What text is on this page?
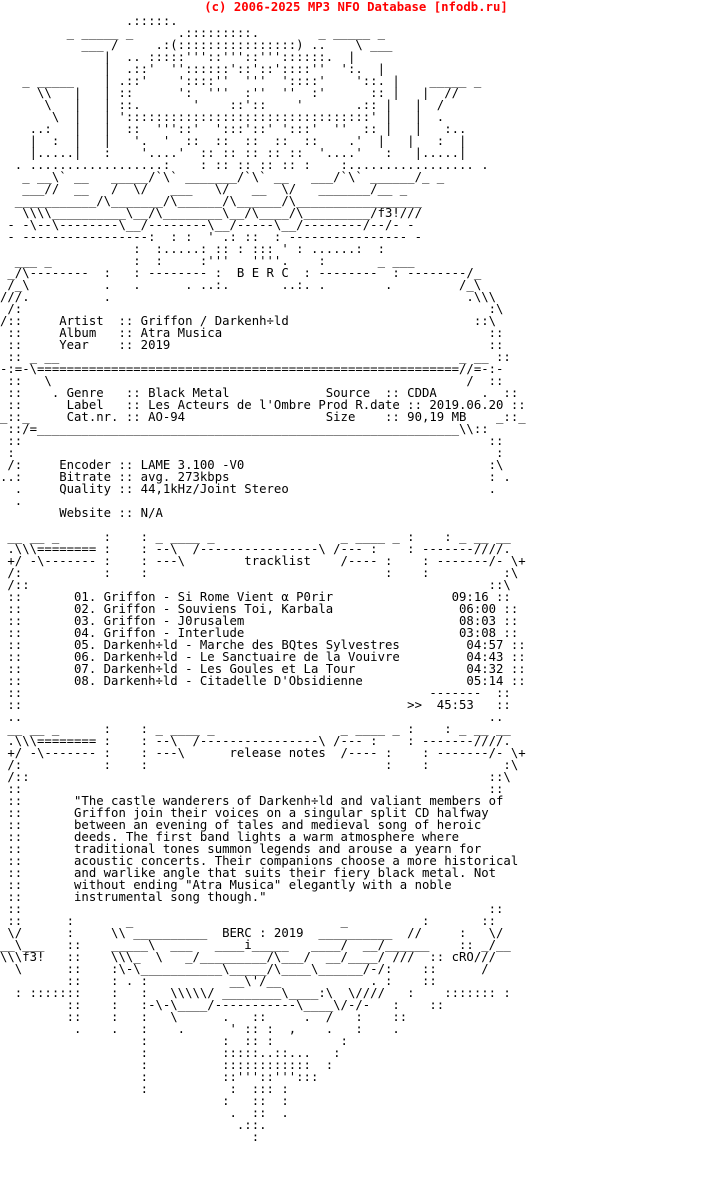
(c) 2006-2025 MP3 NFO Database [nfodb.ru]
.:::::.
_ _____ _      .:::::::::.        _ _____ _
___ /     .:(::::::::::::::::) ..    \ ___
|  .. :::::'''::'''::'''::::::.  |
|  .::'  ''::::::'::'::'::::''  ':.  |
_ _____    | .::'    '::::''  '''  '::::'    '::. |    _____ _
\\   |   | ::      ':  '''  :''  ''  :'      :: |   |  //
\   |   | ::.       '    ::'::    '       .:: |   |  /
\  |   | ':::::::::::::::::::::::::::::::::' |   |  .
..:   |   |  ::  '''::'  ':::'::' ':::'  ''  :: |   |   :..
|  :  |   |   '.  '  ::  ::  ::  ::  ::    .'  |   |   :  |
|.....|   :    '....'  :: :: :: :: ::  '....'   :   |.....|
. ..................:    : :: :: :: :: :    :................. .
_ __\` __   _____/`\` _______/`\` __   ___/`\` ______/_ _
___//  __   /  \/   ___   \/   __  \/   _______/__ _
___________/\_______/\______/\______/\_________________
\\\\__________\__/\________\__/\____/\_________/f3!///
- -\--\--------\__/--------\__/-----\__/--------/--/- -
- -----------------:  : :  ' .: ::  : ---------------- -
:  :.....: :: : ::: ' : ......:  :
___ _           :  :     :'''   ''''.    :       _ ___
_/\--------  :   : -------- :  B E R C  : --------  : --------/_
/_\          .   .      . ..:.       ..:. .        .         /_\
///.          .                                                .\\\
/:                                                               :\
/::     Artist  :: Griffon / Darkenh÷ld                         ::\
::     Album   :: Atra Musica                                    ::
::     Year    :: 2019                                           ::
:: _ __                                                      _ __ ::
-:=-\=========================================================//=-:-
::   \                                                        /  ::
::    . Genre   :: Black Metal             Source  :: CDDA      .  ::
::      Label   :: Les Acteurs de l'Ombre Prod R.date :: 2019.06.20 ::
_::_     Cat.nr. :: AO-94                   Size    :: 90,19 MB    _::_
::/=_________________________________________________________\\::
::                                                               ::
:                                                                 :
/:     Encoder :: LAME 3.100 -V0                                 :\
..:     Bitrate :: avg. 273kbps                                   : .
.     Quality :: 44,1kHz/Joint Stereo                           .
.
Website :: N/A
__ __ _      :    : _ ____ _                 _ ____ _ :    : _ __ __
.\\\======== :    : --\  /----------------\ /--- :    : -------////.
+/ -\------- :    : ---\        tracklist    /---- :    : -------/- \+
/:           :    :                                :    :          :\
/::                                                              ::\
::       01. Griffon - Si Rome Vient α P0rir                09:16 ::
::       02. Griffon - Souviens Toi, Karbala                 06:00 ::
::       03. Griffon - J0rusalem                             08:03 ::
::       04. Griffon - Interlude                             03:08 ::
::       05. Darkenh÷ld - Marche des BQtes Sylvestres         04:57 ::
::       06. Darkenh÷ld - Le Sanctuaire de la Vouivre         04:43 ::
::       07. Darkenh÷ld - Les Goules et La Tour               04:32 ::
::       08. Darkenh÷ld - Citadelle D'Obsidienne              05:14 ::
::                                                       -------  ::
::                                                    >>  45:53   ::
..                                                               ..
__ __ _      :    : _ ____ _                 _ ____ _ :    : _ __ __
.\\\======== :    : --\  /----------------\ /--- :    : -------////.
+/ -\------- :    : ---\      release notes  /---- :    : -------/- \+
/:           :    :                                :    :          :\
/::                                                              ::\
::                                                               ::
::       "The castle wanderers of Darkenh÷ld and valiant members of
::       Griffon join their voices on a singular split CD halfway
::       between an evening of tales and medieval song of heroic
::       deeds. The first band lights a warm atmosphere where
::       traditional tones summon legends and arouse a yearn for
::       acoustic concerts. Their companions choose a more historical
::       and warlike angle that suits their fiery black metal. Not
::       without ending "Atra Musica" elegantly with a noble
::       instrumental song though."
::                                                               ::
::      :       _                            _          :       ::
\/      :     \\ __________  BERC : 2019  __________  //     :   \/
__\___   ::    _____\  ___   ____i_____   ____/  __/______    :: _/__
\\\f3!   ::    \\\_  \   _/_________/\___/  __/____/ ///  :: cRO///
\      ::    :\-\___________\_____/\____\______/-/:    ::      /
::    : . :           __\'/__            . :    ::
: :::::::    :   :   \\\\\/ ________\____:\  \////   :    ::::::: :
::    :   :-\-\____/-----------\____\/-/-   :    ::
::    :   :   \      .   ::     .  /   :    ::
.    .   :    .      ' :: :  ,    .   :    .
:          :  :: :         :
:          :::::..::...   :
:          ::::::::::::  :
:          ::'''::''':::
:           :  ::: :
:   ::  :
.  ::  .
.::.
:
